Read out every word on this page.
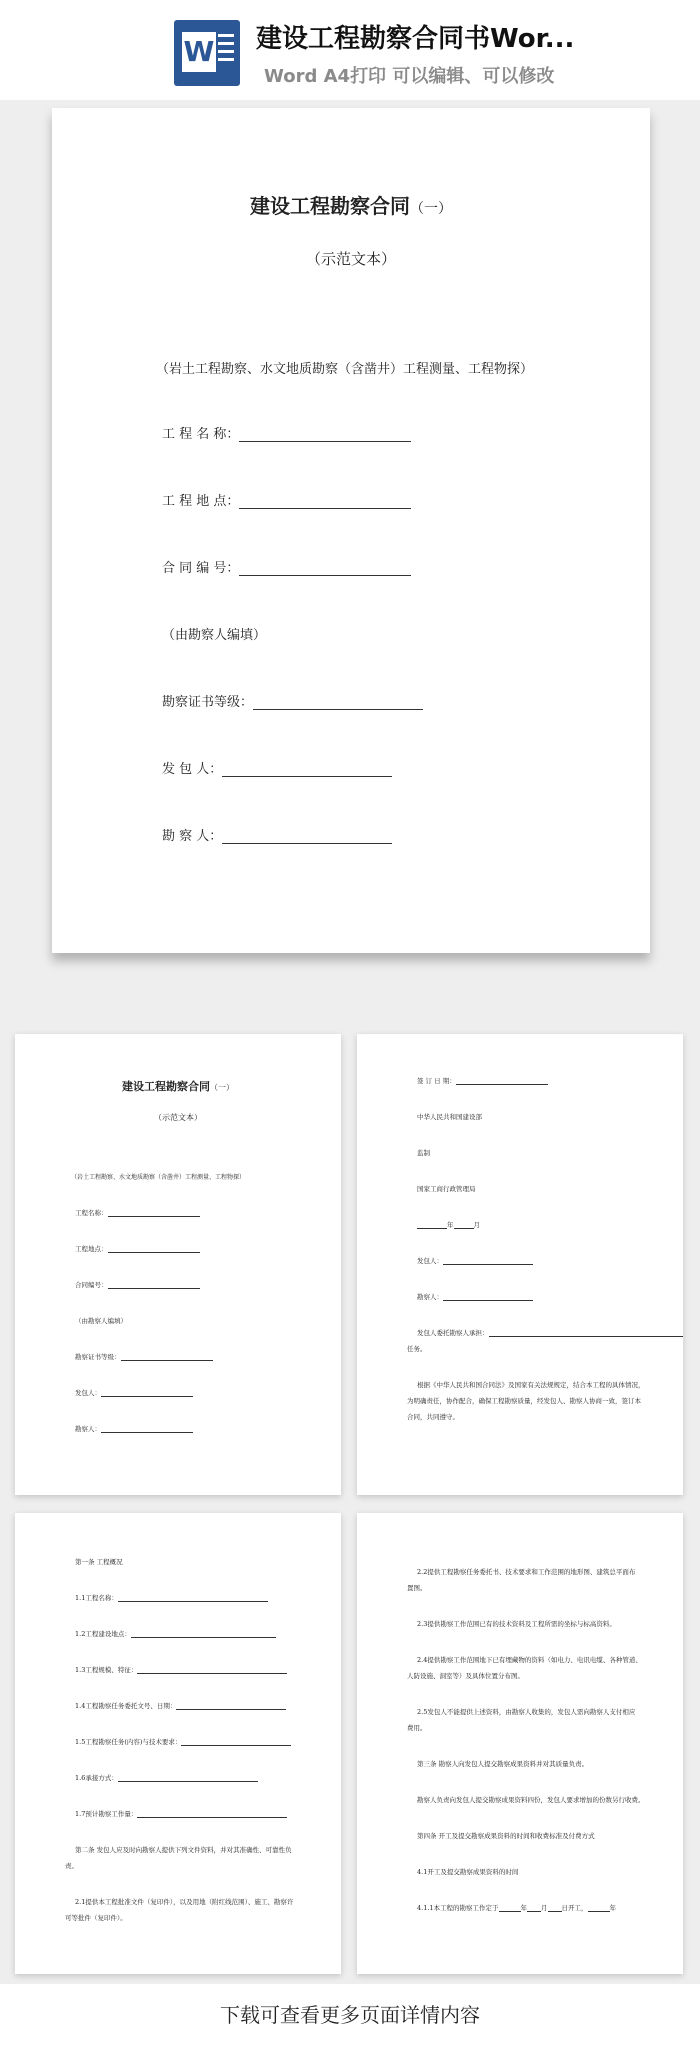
W 建设工程勘察合同书Wor...
Word A4打印 可以编辑、可以修改
建设工程勘察合同（一）
（示范文本）
（岩土工程勘察、水文地质勘察（含凿井）工程测量、工程物探）
工 程 名 称：
工 程 地 点：
合 同 编 号：
（由勘察人编填）
勘察证书等级：
发 包 人：
勘 察 人：
建设工程勘察合同（一）
（示范文本）
（岩土工程勘察、水文地质勘察（含凿井）工程测量、工程物探）
工程名称：
工程地点：
合同编号：
（由勘察人编填）
勘察证书等级：
发包人：
勘察人：
签 订 日 期：
中华人民共和国建设部
监制
国家工商行政管理局
年	月
发包人：
勘察人：
发包人委托勘察人承担：
任务。
根据《中华人民共和国合同法》及国家有关法规规定，结合本工程的具体情况，
为明确责任，协作配合，确保工程勘察质量，经发包人、勘察人协商一致，签订本
合同，共同遵守。
第一条 工程概况
1.1工程名称：
1.2工程建设地点：
1.3工程规模、特征：
1.4工程勘察任务委托文号、日期：
1.5工程勘察任务(内容)与技术要求：
1.6承接方式：
1.7预计勘察工作量：
第二条 发包人应及时向勘察人提供下列文件资料，并对其准确性、可靠性负
责。
2.1提供本工程批准文件（复印件），以及用地（附红线范围）、施工、勘察许
可等批件（复印件）。
2.2提供工程勘察任务委托书、技术要求和工作范围的地形图、建筑总平面布
置图。
2.3提供勘察工作范围已有的技术资料及工程所需的坐标与标高资料。
2.4提供勘察工作范围地下已有埋藏物的资料（如电力、电讯电缆、各种管道、
人防设施、洞室等）及具体位置分布图。
2.5发包人不能提供上述资料，由勘察人收集的，发包人需向勘察人支付相应
费用。
第三条 勘察人向发包人提交勘察成果资料并对其质量负责。
勘察人负责向发包人提交勘察成果资料四份，发包人要求增加的份数另行收费。
第四条 开工及提交勘察成果资料的时间和收费标准及付费方式
4.1开工及提交勘察成果资料的时间
4.1.1本工程的勘察工作定于	年 月 日开工，	年
下载可查看更多页面详情内容
